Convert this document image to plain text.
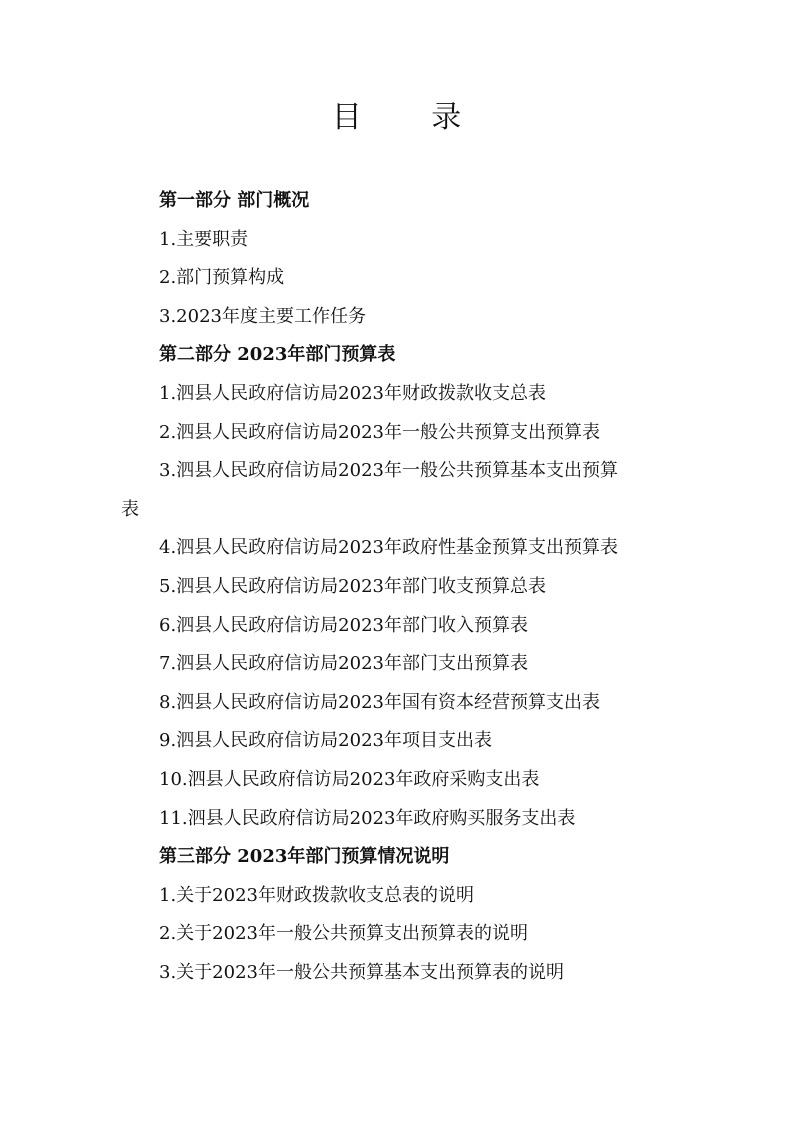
目 录
第一部分 部门概况
1.主要职责
2.部门预算构成
3.2023年度主要工作任务
第二部分 2023年部门预算表
1.泗县人民政府信访局2023年财政拨款收支总表
2.泗县人民政府信访局2023年一般公共预算支出预算表
3.泗县人民政府信访局2023年一般公共预算基本支出预算
表
4.泗县人民政府信访局2023年政府性基金预算支出预算表
5.泗县人民政府信访局2023年部门收支预算总表
6.泗县人民政府信访局2023年部门收入预算表
7.泗县人民政府信访局2023年部门支出预算表
8.泗县人民政府信访局2023年国有资本经营预算支出表
9.泗县人民政府信访局2023年项目支出表
10.泗县人民政府信访局2023年政府采购支出表
11.泗县人民政府信访局2023年政府购买服务支出表
第三部分 2023年部门预算情况说明
1.关于2023年财政拨款收支总表的说明
2.关于2023年一般公共预算支出预算表的说明
3.关于2023年一般公共预算基本支出预算表的说明
